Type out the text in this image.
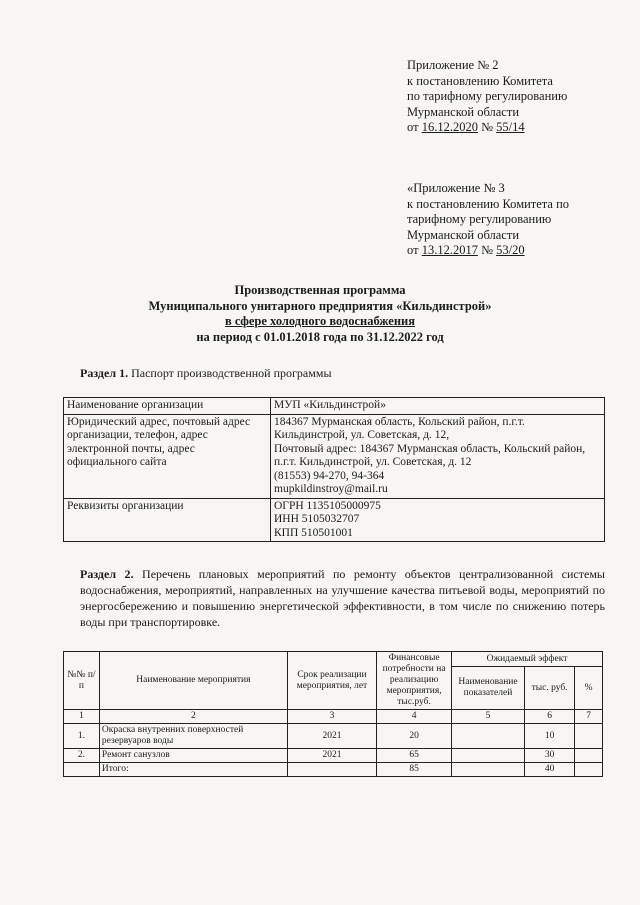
Приложение № 2
к постановлению Комитета
по тарифному регулированию
Мурманской области
от 16.12.2020 № 55/14
«Приложение № 3
к постановлению Комитета по
тарифному регулированию
Мурманской области
от 13.12.2017 № 53/20
Производственная программа
Муниципального унитарного предприятия «Кильдинстрой»
в сфере холодного водоснабжения
на период с 01.01.2018 года по 31.12.2022 год
Раздел 1. Паспорт производственной программы
Наименование организации	МУП «Кильдинстрой»

Юридический адрес, почтовый адрес организации, телефон, адрес электронной почты, адрес официального сайта	184367 Мурманская область, Кольский район, п.г.т. Кильдинстрой, ул. Советская, д. 12,
Почтовый адрес: 184367 Мурманская область, Кольский район, п.г.т. Кильдинстрой, ул. Советская, д. 12
(81553) 94-270, 94-364
mupkildinstroy@mail.ru

Реквизиты организации	ОГРН 1135105000975
ИНН 5105032707
КПП 510501001
Раздел 2. Перечень плановых мероприятий по ремонту объектов централизованной системы водоснабжения, мероприятий, направленных на улучшение качества питьевой воды, мероприятий по энергосбережению и повышению энергетической эффективности, в том числе по снижению потерь воды при транспортировке.
№№ п/п	Наименование мероприятия	Срок реализации мероприятия, лет	Финансовые потребности на реализацию мероприятия, тыс.руб.	Ожидаемый эффект		
				Наименование показателей	тыс. руб.	%
1	2	3	4	5	6	7
1.	Окраска внутренних поверхностей резервуаров воды	2021	20		10	
2.	Ремонт санузлов	2021	65		30	
	Итого:		85		40	
